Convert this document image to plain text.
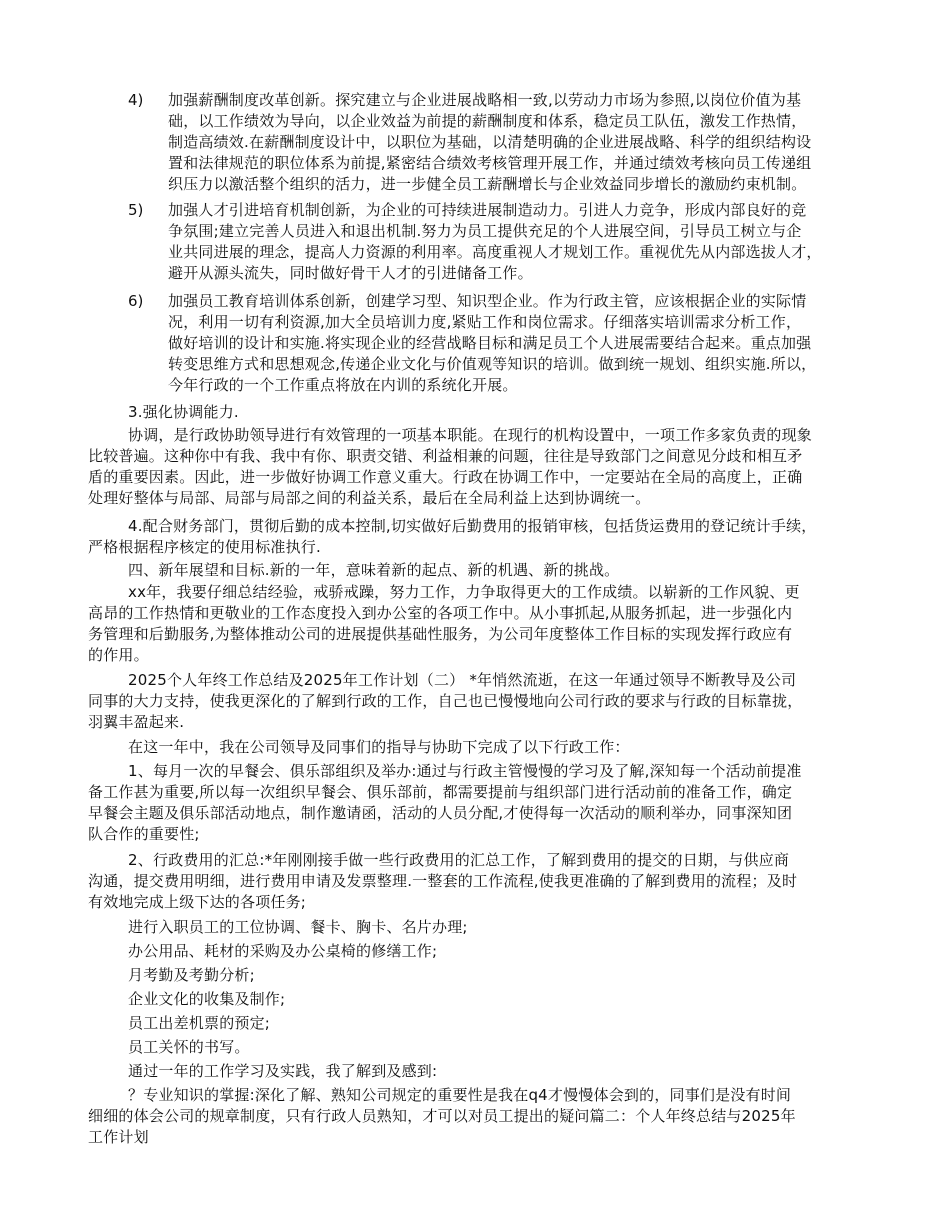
4) 加强薪酬制度改革创新。探究建立与企业进展战略相一致,以劳动力市场为参照,以岗位价值为基
础，以工作绩效为导向，以企业效益为前提的薪酬制度和体系，稳定员工队伍，激发工作热情，
制造高绩效.在薪酬制度设计中，以职位为基础，以清楚明确的企业进展战略、科学的组织结构设
置和法律规范的职位体系为前提,紧密结合绩效考核管理开展工作，并通过绩效考核向员工传递组
织压力以激活整个组织的活力，进一步健全员工薪酬增长与企业效益同步增长的激励约束机制。
5) 加强人才引进培育机制创新，为企业的可持续进展制造动力。引进人力竞争，形成内部良好的竞
争氛围;建立完善人员进入和退出机制.努力为员工提供充足的个人进展空间，引导员工树立与企
业共同进展的理念，提高人力资源的利用率。高度重视人才规划工作。重视优先从内部选拔人才，
避开从源头流失，同时做好骨干人才的引进储备工作。
6) 加强员工教育培训体系创新，创建学习型、知识型企业。作为行政主管，应该根据企业的实际情
况，利用一切有利资源,加大全员培训力度,紧贴工作和岗位需求。仔细落实培训需求分析工作，
做好培训的设计和实施.将实现企业的经营战略目标和满足员工个人进展需要结合起来。重点加强
转变思维方式和思想观念,传递企业文化与价值观等知识的培训。做到统一规划、组织实施.所以，
今年行政的一个工作重点将放在内训的系统化开展。
3.强化协调能力.
协调，是行政协助领导进行有效管理的一项基本职能。在现行的机构设置中，一项工作多家负责的现象
比较普遍。这种你中有我、我中有你、职责交错、利益相兼的问题，往往是导致部门之间意见分歧和相互矛
盾的重要因素。因此，进一步做好协调工作意义重大。行政在协调工作中，一定要站在全局的高度上，正确
处理好整体与局部、局部与局部之间的利益关系，最后在全局利益上达到协调统一。
4.配合财务部门，贯彻后勤的成本控制,切实做好后勤费用的报销审核，包括货运费用的登记统计手续，
严格根据程序核定的使用标准执行.
四、新年展望和目标.新的一年，意味着新的起点、新的机遇、新的挑战。
xx年，我要仔细总结经验，戒骄戒躁，努力工作，力争取得更大的工作成绩。以崭新的工作风貌、更
高昂的工作热情和更敬业的工作态度投入到办公室的各项工作中。从小事抓起,从服务抓起，进一步强化内
务管理和后勤服务,为整体推动公司的进展提供基础性服务，为公司年度整体工作目标的实现发挥行政应有
的作用。
2025个人年终工作总结及2025年工作计划（二） *年悄然流逝，在这一年通过领导不断教导及公司
同事的大力支持，使我更深化的了解到行政的工作，自己也已慢慢地向公司行政的要求与行政的目标靠拢，
羽翼丰盈起来.
在这一年中，我在公司领导及同事们的指导与协助下完成了以下行政工作：
1、每月一次的早餐会、俱乐部组织及举办:通过与行政主管慢慢的学习及了解,深知每一个活动前提准
备工作甚为重要,所以每一次组织早餐会、俱乐部前，都需要提前与组织部门进行活动前的准备工作，确定
早餐会主题及俱乐部活动地点，制作邀请函，活动的人员分配,才使得每一次活动的顺利举办，同事深知团
队合作的重要性;
2、行政费用的汇总:*年刚刚接手做一些行政费用的汇总工作，了解到费用的提交的日期，与供应商
沟通，提交费用明细，进行费用申请及发票整理.一整套的工作流程,使我更准确的了解到费用的流程；及时
有效地完成上级下达的各项任务;
进行入职员工的工位协调、餐卡、胸卡、名片办理;
办公用品、耗材的采购及办公桌椅的修缮工作;
月考勤及考勤分析;
企业文化的收集及制作;
员工出差机票的预定;
员工关怀的书写。
通过一年的工作学习及实践，我了解到及感到:
？专业知识的掌握:深化了解、熟知公司规定的重要性是我在q4才慢慢体会到的，同事们是没有时间
细细的体会公司的规章制度，只有行政人员熟知，才可以对员工提出的疑问篇二：个人年终总结与2025年
工作计划
